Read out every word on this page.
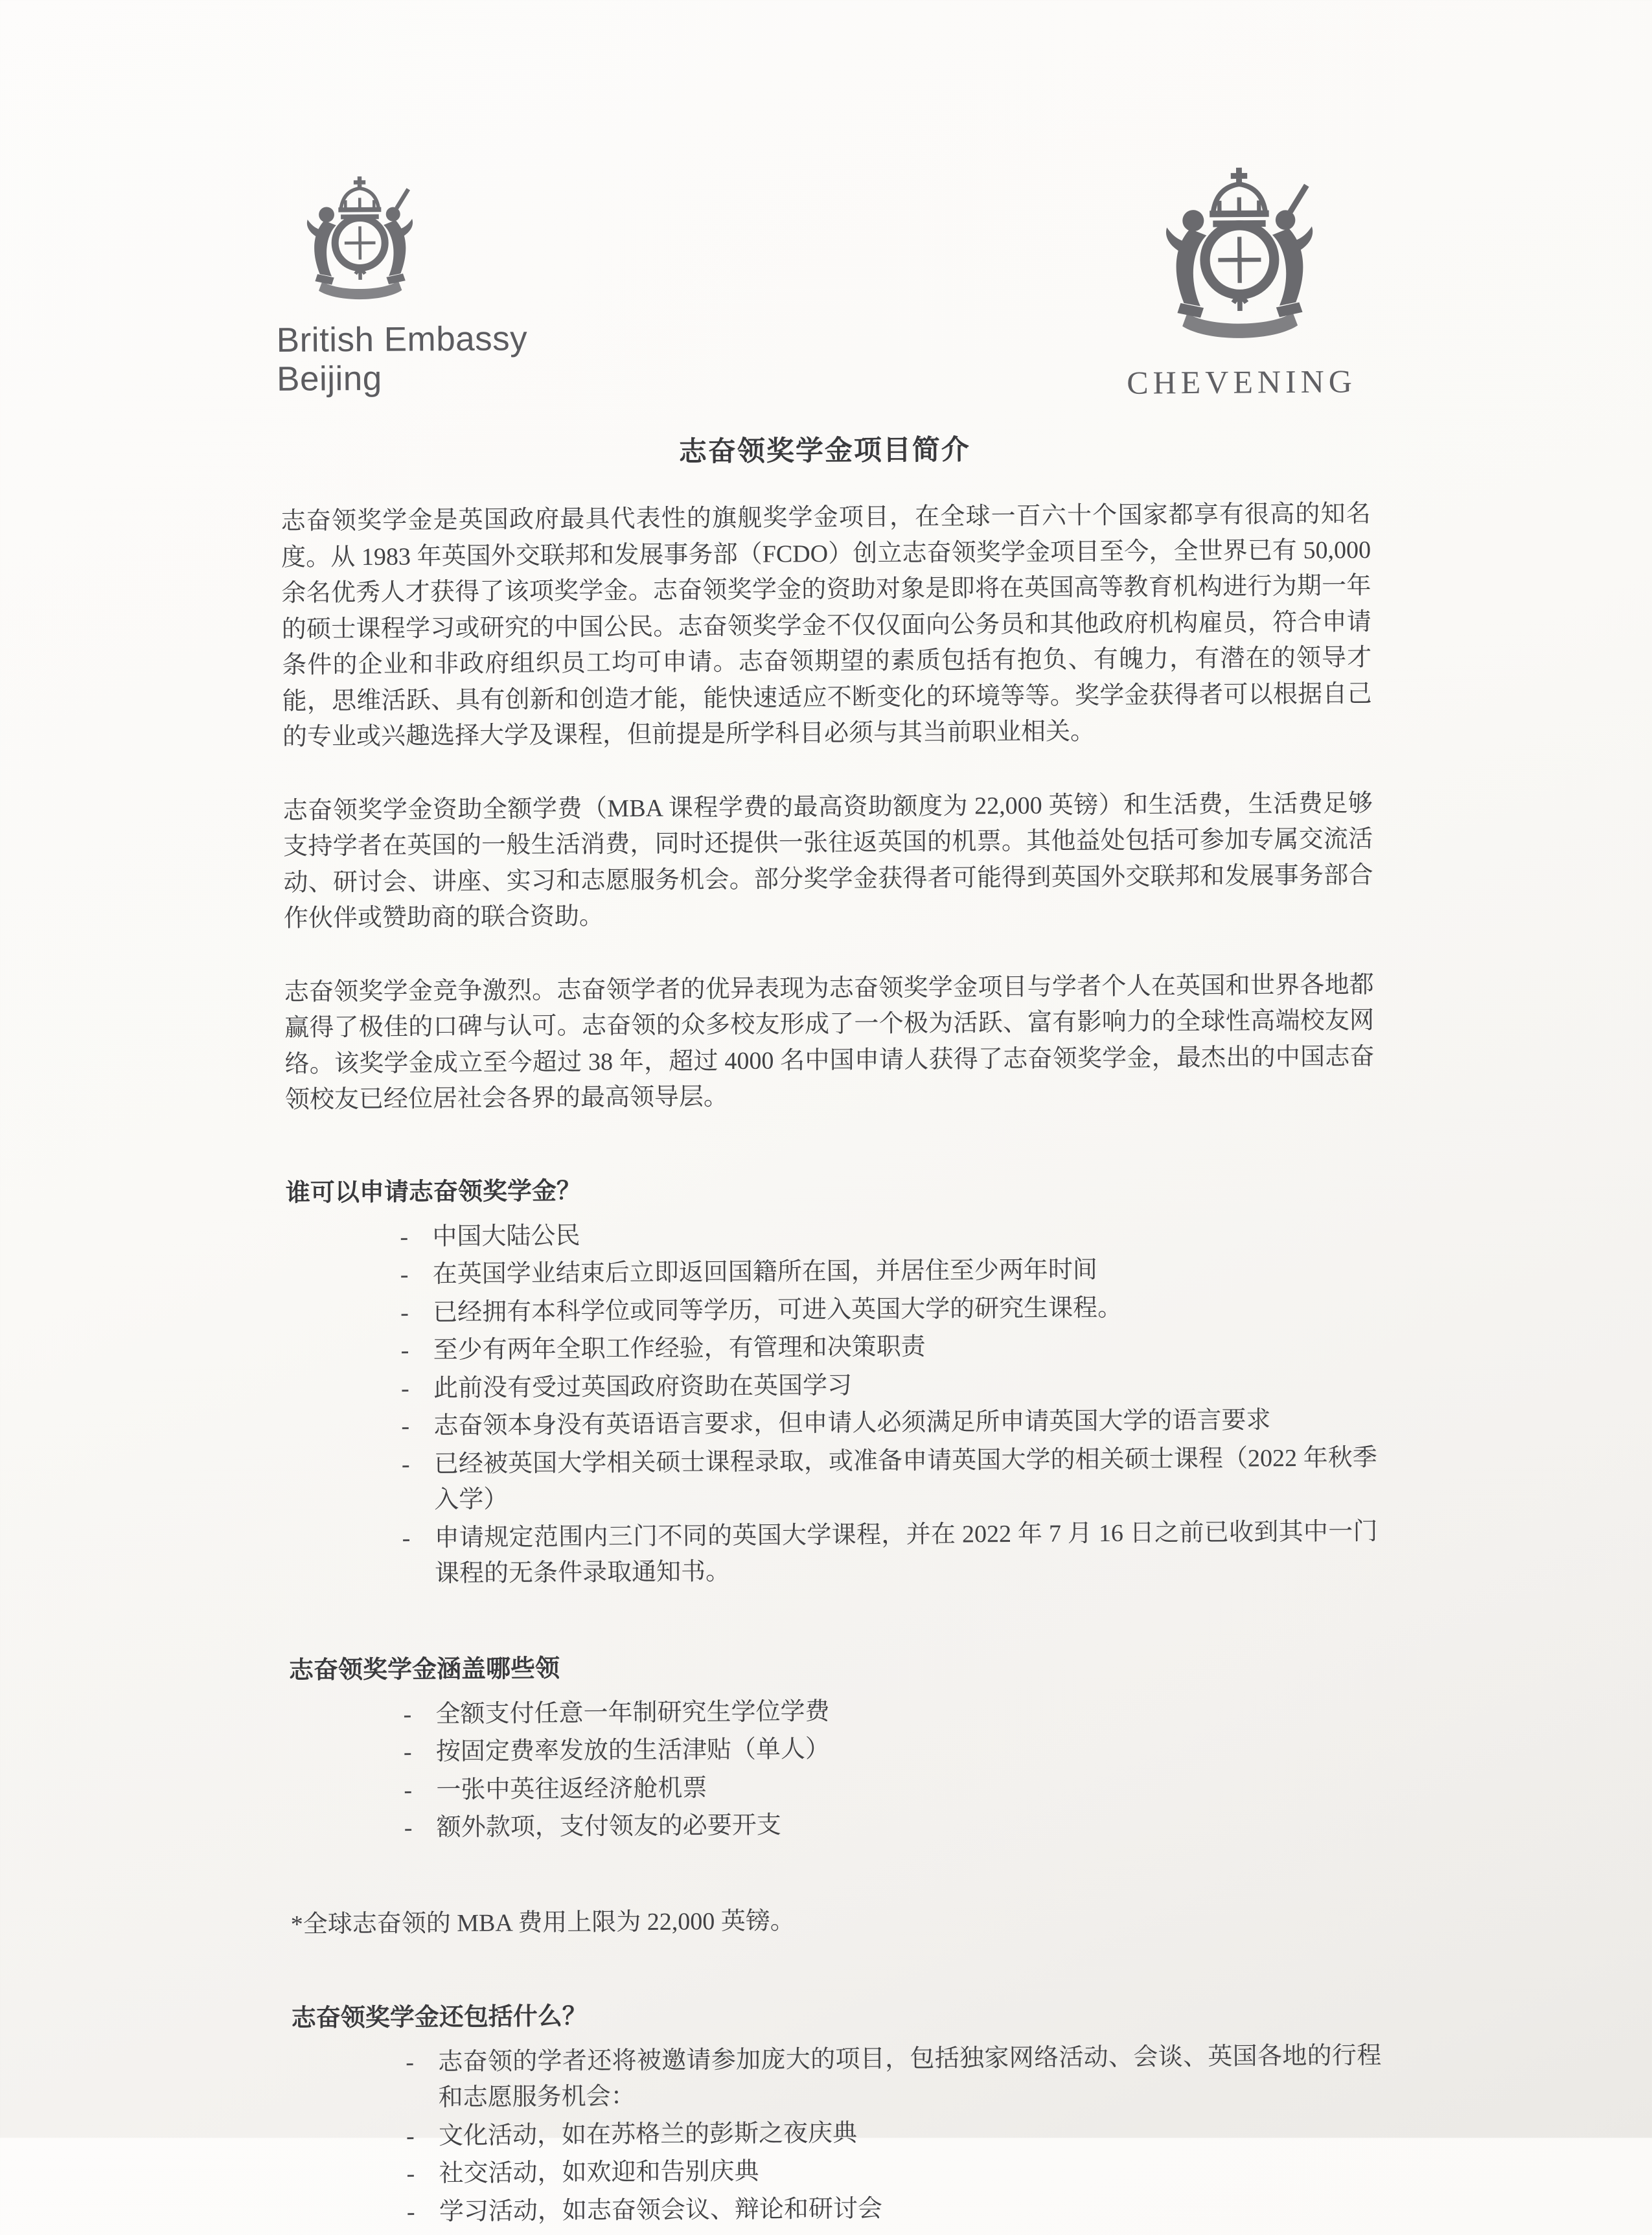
British Embassy
Beijing	CHEVENING
志奋领奖学金项目简介

志奋领奖学金是英国政府最具代表性的旗舰奖学金项目，在全球一百六十个国家都享有很高的知名度。从 1983 年英国外交联邦和发展事务部（FCDO）创立志奋领奖学金项目至今，全世界已有 50,000 余名优秀人才获得了该项奖学金。志奋领奖学金的资助对象是即将在英国高等教育机构进行为期一年的硕士课程学习或研究的中国公民。志奋领奖学金不仅仅面向公务员和其他政府机构雇员，符合申请条件的企业和非政府组织员工均可申请。志奋领期望的素质包括有抱负、有魄力，有潜在的领导才能，思维活跃、具有创新和创造才能，能快速适应不断变化的环境等等。奖学金获得者可以根据自己的专业或兴趣选择大学及课程，但前提是所学科目必须与其当前职业相关。

志奋领奖学金资助全额学费（MBA 课程学费的最高资助额度为 22,000 英镑）和生活费，生活费足够支持学者在英国的一般生活消费，同时还提供一张往返英国的机票。其他益处包括可参加专属交流活动、研讨会、讲座、实习和志愿服务机会。部分奖学金获得者可能得到英国外交联邦和发展事务部合作伙伴或赞助商的联合资助。

志奋领奖学金竞争激烈。志奋领学者的优异表现为志奋领奖学金项目与学者个人在英国和世界各地都赢得了极佳的口碑与认可。志奋领的众多校友形成了一个极为活跃、富有影响力的全球性高端校友网络。该奖学金成立至今超过 38 年，超过 4000 名中国申请人获得了志奋领奖学金，最杰出的中国志奋领校友已经位居社会各界的最高领导层。

谁可以申请志奋领奖学金？
- 中国大陆公民
- 在英国学业结束后立即返回国籍所在国，并居住至少两年时间
- 已经拥有本科学位或同等学历，可进入英国大学的研究生课程。
- 至少有两年全职工作经验，有管理和决策职责
- 此前没有受过英国政府资助在英国学习
- 志奋领本身没有英语语言要求，但申请人必须满足所申请英国大学的语言要求
- 已经被英国大学相关硕士课程录取，或准备申请英国大学的相关硕士课程（2022 年秋季入学）
- 申请规定范围内三门不同的英国大学课程，并在 2022 年 7 月 16 日之前已收到其中一门课程的无条件录取通知书。
志奋领奖学金涵盖哪些领
- 全额支付任意一年制研究生学位学费
- 按固定费率发放的生活津贴（单人）
- 一张中英往返经济舱机票
- 额外款项，支付领友的必要开支

*全球志奋领的 MBA 费用上限为 22,000 英镑。

志奋领奖学金还包括什么？
- 志奋领的学者还将被邀请参加庞大的项目，包括独家网络活动、会谈、英国各地的行程和志愿服务机会：
- 文化活动，如在苏格兰的彭斯之夜庆典
- 社交活动，如欢迎和告别庆典
- 学习活动，如志奋领会议、辩论和研讨会
